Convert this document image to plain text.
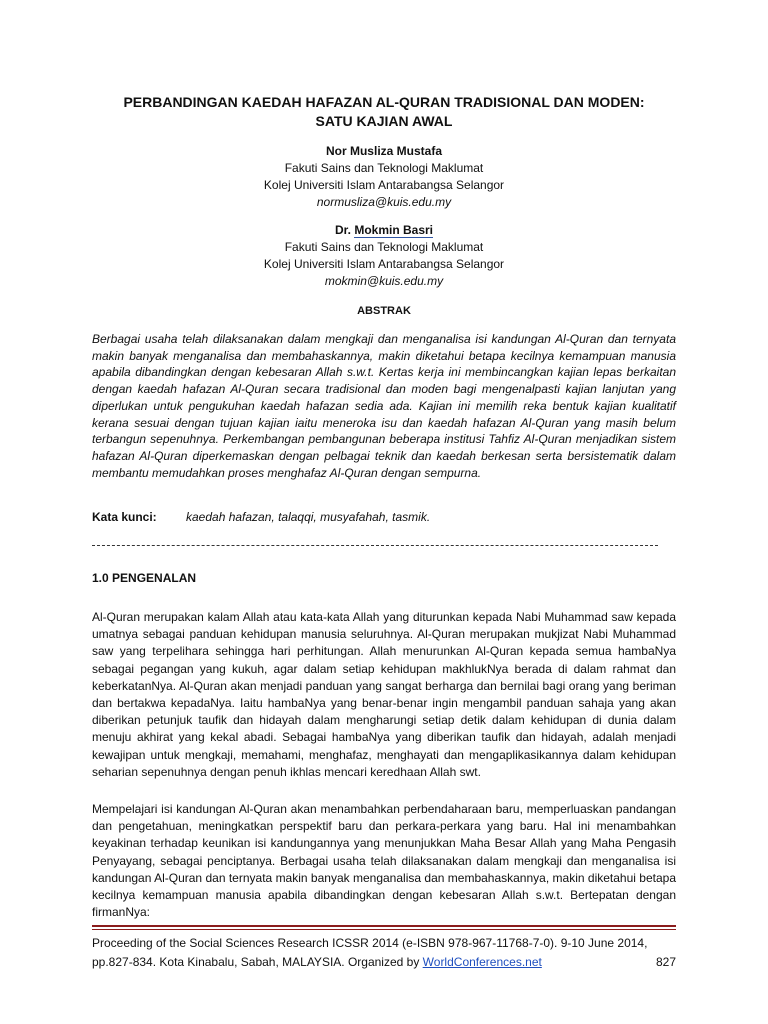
PERBANDINGAN KAEDAH HAFAZAN AL-QURAN TRADISIONAL DAN MODEN:
SATU KAJIAN AWAL
Nor Musliza Mustafa
Fakuti Sains dan Teknologi Maklumat
Kolej Universiti Islam Antarabangsa Selangor
normusliza@kuis.edu.my
Dr. Mokmin Basri
Fakuti Sains dan Teknologi Maklumat
Kolej Universiti Islam Antarabangsa Selangor
mokmin@kuis.edu.my
ABSTRAK

Berbagai usaha telah dilaksanakan dalam mengkaji dan menganalisa isi kandungan Al-Quran dan ternyata makin banyak menganalisa dan membahaskannya, makin diketahui betapa kecilnya kemampuan manusia apabila dibandingkan dengan kebesaran Allah s.w.t. Kertas kerja ini membincangkan kajian lepas berkaitan dengan kaedah hafazan Al-Quran secara tradisional dan moden bagi mengenalpasti kajian lanjutan yang diperlukan untuk pengukuhan kaedah hafazan sedia ada. Kajian ini memilih reka bentuk kajian kualitatif kerana sesuai dengan tujuan kajian iaitu meneroka isu dan kaedah hafazan Al-Quran yang masih belum terbangun sepenuhnya. Perkembangan pembangunan beberapa institusi Tahfiz Al-Quran menjadikan sistem hafazan Al-Quran diperkemaskan dengan pelbagai teknik dan kaedah berkesan serta bersistematik dalam membantu memudahkan proses menghafaz Al-Quran dengan sempurna.

Kata kunci: kaedah hafazan, talaqqi, musyafahah, tasmik.
1.0 PENGENALAN

Al-Quran merupakan kalam Allah atau kata-kata Allah yang diturunkan kepada Nabi Muhammad saw kepada umatnya sebagai panduan kehidupan manusia seluruhnya. Al-Quran merupakan mukjizat Nabi Muhammad saw yang terpelihara sehingga hari perhitungan. Allah menurunkan Al-Quran kepada semua hambaNya sebagai pegangan yang kukuh, agar dalam setiap kehidupan makhlukNya berada di dalam rahmat dan keberkatanNya. Al-Quran akan menjadi panduan yang sangat berharga dan bernilai bagi orang yang beriman dan bertakwa kepadaNya. Iaitu hambaNya yang benar-benar ingin mengambil panduan sahaja yang akan diberikan petunjuk taufik dan hidayah dalam mengharungi setiap detik dalam kehidupan di dunia dalam menuju akhirat yang kekal abadi. Sebagai hambaNya yang diberikan taufik dan hidayah, adalah menjadi kewajipan untuk mengkaji, memahami, menghafaz, menghayati dan mengaplikasikannya dalam kehidupan seharian sepenuhnya dengan penuh ikhlas mencari keredhaan Allah swt.

Mempelajari isi kandungan Al-Quran akan menambahkan perbendaharaan baru, memperluaskan pandangan dan pengetahuan, meningkatkan perspektif baru dan perkara-perkara yang baru. Hal ini menambahkan keyakinan terhadap keunikan isi kandungannya yang menunjukkan Maha Besar Allah yang Maha Pengasih Penyayang, sebagai penciptanya. Berbagai usaha telah dilaksanakan dalam mengkaji dan menganalisa isi kandungan Al-Quran dan ternyata makin banyak menganalisa dan membahaskannya, makin diketahui betapa kecilnya kemampuan manusia apabila dibandingkan dengan kebesaran Allah s.w.t. Bertepatan dengan firmanNya:

Proceeding of the Social Sciences Research ICSSR 2014 (e-ISBN 978-967-11768-7-0). 9-10 June 2014,
pp.827-834. Kota Kinabalu, Sabah, MALAYSIA. Organized by WorldConferences.net	827
